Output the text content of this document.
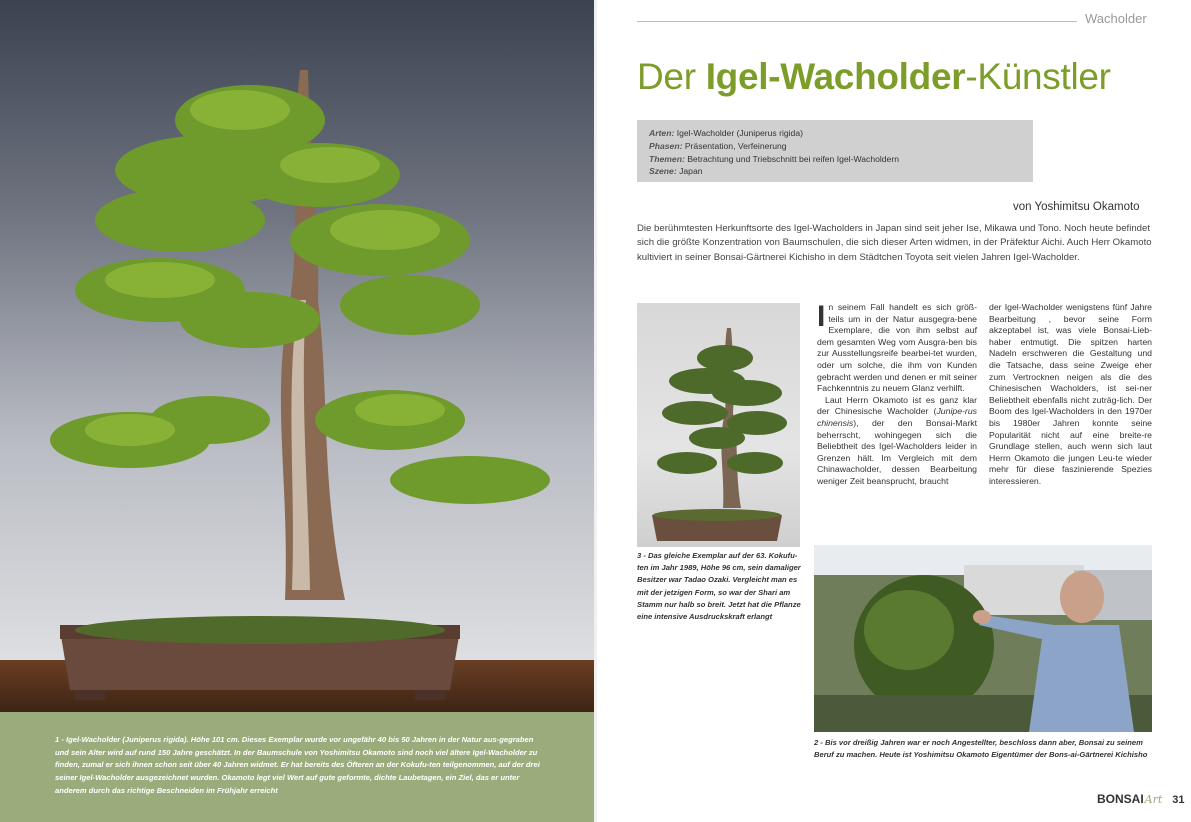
1 - Igel-Wacholder (Juniperus rigida). Höhe 101 cm. Dieses Exemplar wurde vor ungefähr 40 bis 50 Jahren in der Natur aus-gegraben und sein Alter wird auf rund 150 Jahre geschätzt. In der Baumschule von Yoshimitsu Okamoto sind noch viel ältere Igel-Wacholder zu finden, zumal er sich ihnen schon seit über 40 Jahren widmet. Er hat bereits des Öfteren an der Kokufu-ten teilgenommen, auf der drei seiner Igel-Wacholder ausgezeichnet wurden. Okamoto legt viel Wert auf gute geformte, dichte Laubetagen, ein Ziel, das er unter anderem durch das richtige Beschneiden im Frühjahr erreicht

Wacholder
Der Igel-Wacholder-Künstler
Arten: Igel-Wacholder (Juniperus rigida)
Phasen: Präsentation, Verfeinerung
Themen: Betrachtung und Triebschnitt bei reifen Igel-Wacholdern
Szene: Japan
von Yoshimitsu Okamoto

Die berühmtesten Herkunftsorte des Igel-Wacholders in Japan sind seit jeher Ise, Mikawa und Tono. Noch heute befindet sich die größte Konzentration von Baumschulen, die sich dieser Arten widmen, in der Präfektur Aichi. Auch Herr Okamoto kultiviert in seiner Bonsai-Gärtnerei Kichisho in dem Städtchen Toyota seit vielen Jahren Igel-Wacholder.

3 - Das gleiche Exemplar auf der 63. Kokufu-ten im Jahr 1989, Höhe 96 cm, sein damaliger Besitzer war Tadao Ozaki. Vergleicht man es mit der jetzigen Form, so war der Shari am Stamm nur halb so breit. Jetzt hat die Pflanze eine intensive Ausdruckskraft erlangt

In seinem Fall handelt es sich größ-teils um in der Natur ausgegra-bene Exemplare, die von ihm selbst auf dem gesamten Weg vom Ausgra-ben bis zur Ausstellungsreife bearbei-tet wurden, oder um solche, die ihm von Kunden gebracht werden und denen er mit seiner Fachkenntnis zu neuem Glanz verhilft.
Laut Herrn Okamoto ist es ganz klar der Chinesische Wacholder (Junipe-rus chinensis), der den Bonsai-Markt beherrscht, wohingegen sich die Beliebtheit des Igel-Wacholders leider in Grenzen hält. Im Vergleich mit dem Chinawacholder, dessen Bearbeitung weniger Zeit beansprucht, braucht

der Igel-Wacholder wenigstens fünf Jahre Bearbeitung , bevor seine Form akzeptabel ist, was viele Bonsai-Lieb-haber entmutigt. Die spitzen harten Nadeln erschweren die Gestaltung und die Tatsache, dass seine Zweige eher zum Vertrocknen neigen als die des Chinesischen Wacholders, ist sei-ner Beliebtheit ebenfalls nicht zuträg-lich. Der Boom des Igel-Wacholders in den 1970er bis 1980er Jahren konnte seine Popularität nicht auf eine breite-re Grundlage stellen, auch wenn sich laut Herrn Okamoto die jungen Leu-te wieder mehr für diese faszinierende Spezies interessieren.

2 - Bis vor dreißig Jahren war er noch Angestellter, beschloss dann aber, Bonsai zu seinem Beruf zu machen. Heute ist Yoshimitsu Okamoto Eigentümer der Bons-ai-Gärtnerei Kichisho

BONSAIArt 31
